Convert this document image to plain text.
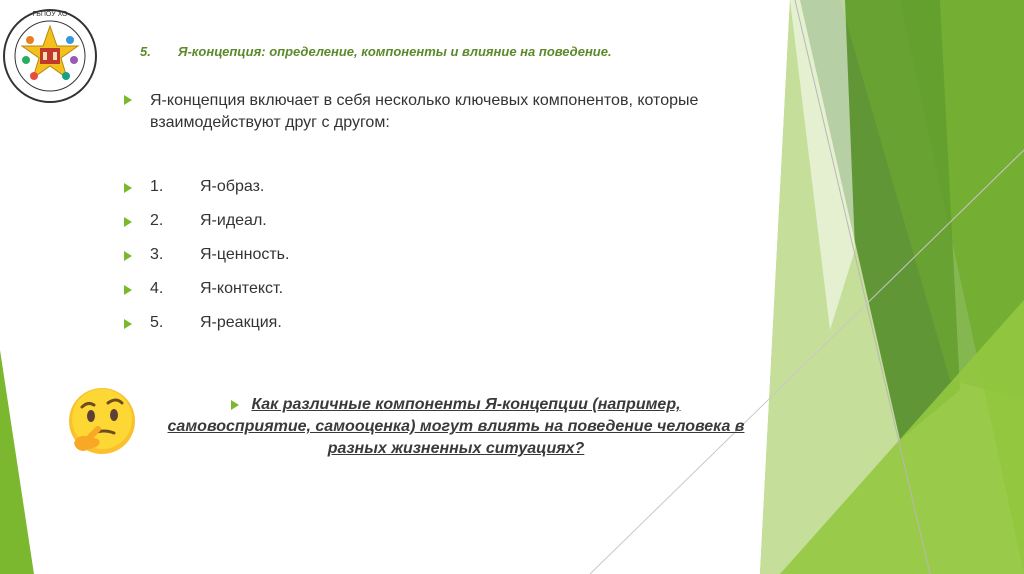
ГБПОУ ХО
5. Я-концепция: определение, компоненты и влияние на поведение.
Я-концепция включает в себя несколько ключевых компонентов, которые взаимодействуют друг с другом:
1. Я-образ.
2. Я-идеал.
3. Я-ценность.
4. Я-контекст.
5. Я-реакция.
Как различные компоненты Я-концепции (например, самовосприятие, самооценка) могут влиять на поведение человека в разных жизненных ситуациях?
